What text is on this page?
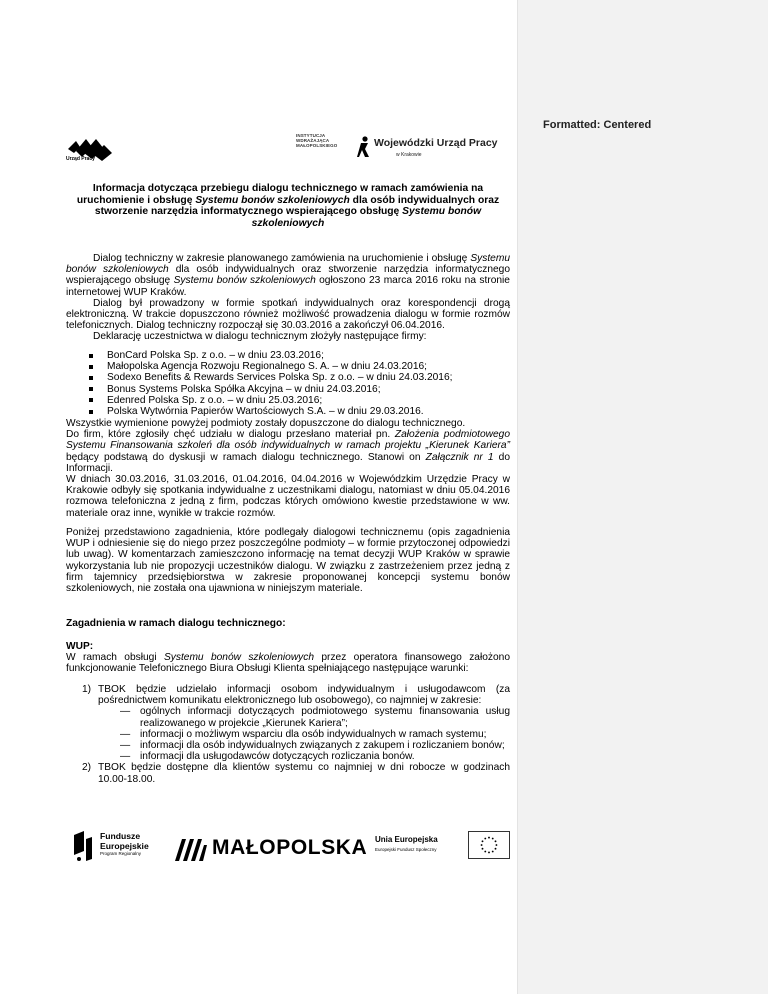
Formatted: Centered
Urząd Pracy
INSTYTUCJA
WDRAŻAJĄCA
MAŁOPOLSKIEGO	Wojewódzki Urząd Pracy
w Krakowie
Informacja dotycząca przebiegu dialogu technicznego w ramach zamówienia na uruchomienie i obsługę Systemu bonów szkoleniowych dla osób indywidualnych oraz stworzenie narzędzia informatycznego wspierającego obsługę Systemu bonów szkoleniowych

Dialog techniczny w zakresie planowanego zamówienia na uruchomienie i obsługę Systemu bonów szkoleniowych dla osób indywidualnych oraz stworzenie narzędzia informatycznego wspierającego obsługę Systemu bonów szkoleniowych ogłoszono 23 marca 2016 roku na stronie internetowej WUP Kraków.

Dialog był prowadzony w formie spotkań indywidualnych oraz korespondencji drogą elektroniczną. W trakcie dopuszczono również możliwość prowadzenia dialogu w formie rozmów telefonicznych. Dialog techniczny rozpoczął się 30.03.2016 a zakończył 06.04.2016.

Deklarację uczestnictwa w dialogu technicznym złożyły następujące firmy:

BonCard Polska Sp. z o.o. – w dniu 23.03.2016;
Małopolska Agencja Rozwoju Regionalnego S. A. – w dniu 24.03.2016;
Sodexo Benefits & Rewards Services Polska Sp. z o.o. – w dniu 24.03.2016;
Bonus Systems Polska Spółka Akcyjna – w dniu 24.03.2016;
Edenred Polska Sp. z o.o. – w dniu 25.03.2016;
Polska Wytwórnia Papierów Wartościowych S.A. – w dniu 29.03.2016.

Wszystkie wymienione powyżej podmioty zostały dopuszczone do dialogu technicznego.

Do firm, które zgłosiły chęć udziału w dialogu przesłano materiał pn. Założenia podmiotowego Systemu Finansowania szkoleń dla osób indywidualnych w ramach projektu „Kierunek Kariera” będący podstawą do dyskusji w ramach dialogu technicznego. Stanowi on Załącznik nr 1 do Informacji.

W dniach 30.03.2016, 31.03.2016, 01.04.2016, 04.04.2016 w Wojewódzkim Urzędzie Pracy w Krakowie odbyły się spotkania indywidualne z uczestnikami dialogu, natomiast w dniu 05.04.2016 rozmowa telefoniczna z jedną z firm, podczas których omówiono kwestie przedstawione w ww. materiale oraz inne, wynikłe w trakcie rozmów.

Poniżej przedstawiono zagadnienia, które podlegały dialogowi technicznemu (opis zagadnienia WUP i odniesienie się do niego przez poszczególne podmioty – w formie przytoczonej odpowiedzi lub uwag). W komentarzach zamieszczono informację na temat decyzji WUP Kraków w sprawie wykorzystania lub nie propozycji uczestników dialogu. W związku z zastrzeżeniem przez jedną z firm tajemnicy przedsiębiorstwa w zakresie proponowanej koncepcji systemu bonów szkoleniowych, nie została ona ujawniona w niniejszym materiale.

Zagadnienia w ramach dialogu technicznego:

WUP:

W ramach obsługi Systemu bonów szkoleniowych przez operatora finansowego założono funkcjonowanie Telefonicznego Biura Obsługi Klienta spełniającego następujące warunki:

1) TBOK będzie udzielało informacji osobom indywidualnym i usługodawcom (za pośrednictwem komunikatu elektronicznego lub osobowego), co najmniej w zakresie:
— ogólnych informacji dotyczących podmiotowego systemu finansowania usług realizowanego w projekcie „Kierunek Kariera”;
— informacji o możliwym wsparciu dla osób indywidualnych w ramach systemu;
— informacji dla osób indywidualnych związanych z zakupem i rozliczaniem bonów;
— informacji dla usługodawców dotyczących rozliczania bonów.
2) TBOK będzie dostępne dla klientów systemu co najmniej w dni robocze w godzinach 10.00-18.00.
Fundusze
Europejskie
Program Regionalny	MAŁOPOLSKA Unia Europejska
Europejski Fundusz Społeczny
